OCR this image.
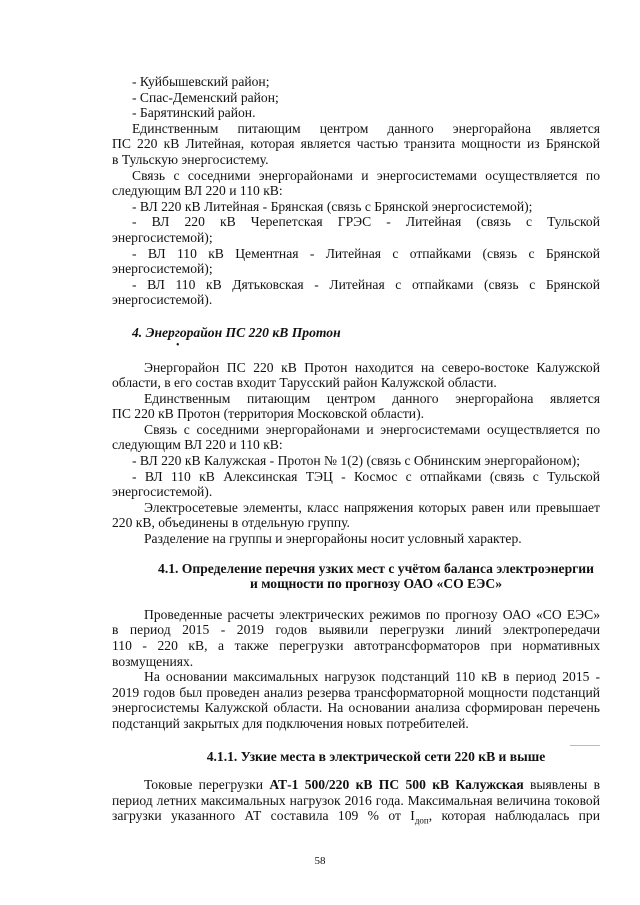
- Куйбышевский район;

- Спас-Деменский район;

- Барятинский район.

Единственным питающим центром данного энергорайона является

ПС 220 кВ Литейная, которая является частью транзита мощности из Брянской

в Тульскую энергосистему.

Связь с соседними энергорайонами и энергосистемами осуществляется по

следующим ВЛ 220 и 110 кВ:

- ВЛ 220 кВ Литейная - Брянская (связь с Брянской энергосистемой);

- ВЛ 220 кВ Черепетская ГРЭС - Литейная (связь с Тульской

энергосистемой);

- ВЛ 110 кВ Цементная - Литейная с отпайками (связь с Брянской

энергосистемой);

- ВЛ 110 кВ Дятьковская - Литейная с отпайками (связь с Брянской

энергосистемой).

4. Энергорайон ПС 220 кВ Протон

•

Энергорайон ПС 220 кВ Протон находится на северо-востоке Калужской

области, в его состав входит Тарусский район Калужской области.

Единственным питающим центром данного энергорайона является

ПС 220 кВ Протон (территория Московской области).

Связь с соседними энергорайонами и энергосистемами осуществляется по

следующим ВЛ 220 и 110 кВ:

- ВЛ 220 кВ Калужская - Протон № 1(2) (связь с Обнинским энергорайоном);

- ВЛ 110 кВ Алексинская ТЭЦ - Космос с отпайками (связь с Тульской

энергосистемой).

Электросетевые элементы, класс напряжения которых равен или превышает

220 кВ, объединены в отдельную группу.

Разделение на группы и энергорайоны носит условный характер.

4.1. Определение перечня узких мест с учётом баланса электроэнергии

и мощности по прогнозу ОАО «СО ЕЭС»

Проведенные расчеты электрических режимов по прогнозу ОАО «СО ЕЭС»

в период 2015 - 2019 годов выявили перегрузки линий электропередачи

110 - 220 кВ, а также перегрузки автотрансформаторов при нормативных

возмущениях.

На основании максимальных нагрузок подстанций 110 кВ в период 2015 -

2019 годов был проведен анализ резерва трансформаторной мощности подстанций

энергосистемы Калужской области. На основании анализа сформирован перечень

подстанций закрытых для подключения новых потребителей.

4.1.1. Узкие места в электрической сети 220 кВ и выше

Токовые перегрузки АТ-1 500/220 кВ ПС 500 кВ Калужская выявлены в

период летних максимальных нагрузок 2016 года. Максимальная величина токовой

загрузки указанного АТ составила 109 % от $I_{доп}$, которая наблюдалась при

58
